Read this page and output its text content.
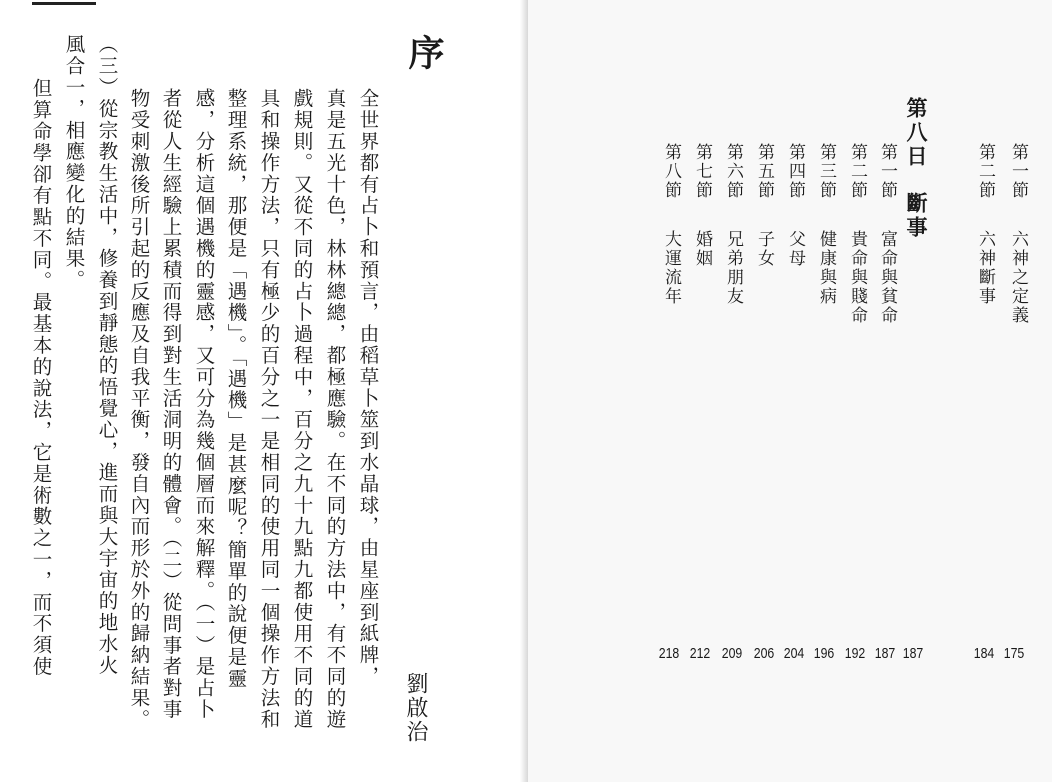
序
全世界都有占卜和預言，由稻草卜筮到水晶球，由星座到紙牌，
真是五光十色，林林總總，都極應驗。在不同的方法中，有不同的遊
戲規則。又從不同的占卜過程中，百分之九十九點九都使用不同的道
具和操作方法，只有極少的百分之一是相同的使用同一個操作方法和
整理系統，那便是「遇機」。「遇機」是甚麼呢？簡單的說便是靈
感，分析這個遇機的靈感，又可分為幾個層而來解釋。（一）是占卜
者從人生經驗上累積而得到對生活洞明的體會。（二）從問事者對事
物受刺激後所引起的反應及自我平衡，發自內而形於外的歸納結果。
（三）從宗教生活中，修養到靜態的悟覺心，進而與大宇宙的地水火
風合一，相應變化的結果。
但算命學卻有點不同。最基本的說法，它是術數之一，而不須使
劉啟治
第一節
六神之定義
175
第二節
六神斷事
184
第八日
斷事
187
第一節
富命與貧命
187
第二節
貴命與賤命
192
第三節
健康與病
196
第四節
父母
204
第五節
子女
206
第六節
兄弟朋友
209
第七節
婚姻
212
第八節
大運流年
218
